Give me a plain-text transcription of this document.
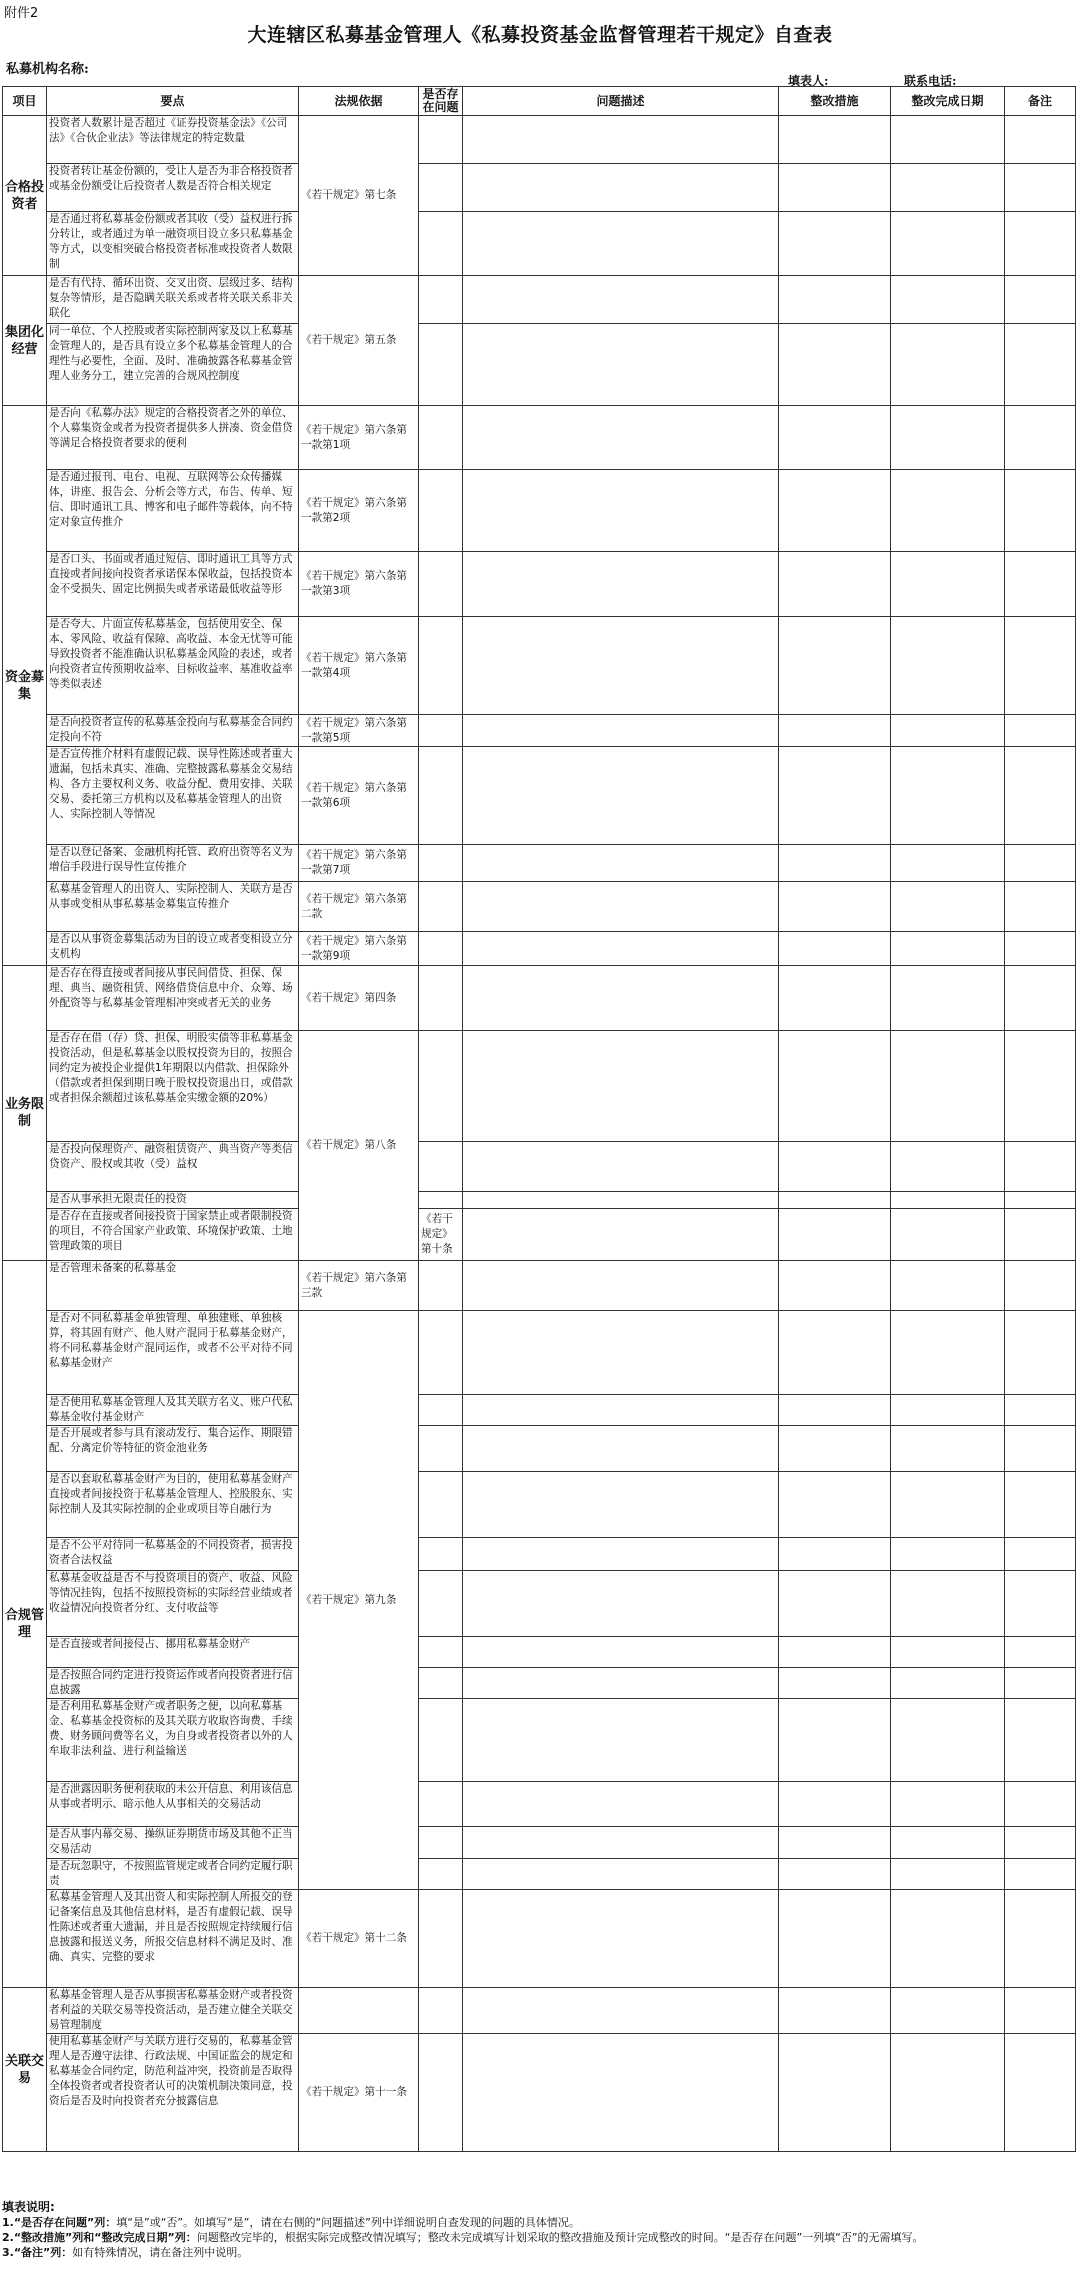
附件2
大连辖区私募基金管理人《私募投资基金监督管理若干规定》自查表
私募机构名称:
填表人:	联系电话:
项目	要点	法规依据	是否存在问题	问题描述	整改措施	整改完成日期	备注	
合格投资者	投资者人数累计是否超过《证券投资基金法》《公司法》《合伙企业法》等法律规定的特定数量	《若干规定》第七条						
	投资者转让基金份额的，受让人是否为非合格投资者或基金份额受让后投资者人数是否符合相关规定							
	是否通过将私募基金份额或者其收（受）益权进行拆分转让，或者通过为单一融资项目设立多只私募基金等方式，以变相突破合格投资者标准或投资者人数限制							
集团化经营	是否有代持、循环出资、交叉出资、层级过多、结构复杂等情形，是否隐瞒关联关系或者将关联关系非关联化	《若干规定》第五条						
	同一单位、个人控股或者实际控制两家及以上私募基金管理人的，是否具有设立多个私募基金管理人的合理性与必要性，全面、及时、准确披露各私募基金管理人业务分工，建立完善的合规风控制度							
资金募集	是否向《私募办法》规定的合格投资者之外的单位、个人募集资金或者为投资者提供多人拼凑、资金借贷等满足合格投资者要求的便利	《若干规定》第六条第一款第1项						
	是否通过报刊、电台、电视、互联网等公众传播媒体，讲座、报告会、分析会等方式，布告、传单、短信、即时通讯工具、博客和电子邮件等载体，向不特定对象宣传推介	《若干规定》第六条第一款第2项						
	是否口头、书面或者通过短信、即时通讯工具等方式直接或者间接向投资者承诺保本保收益，包括投资本金不受损失、固定比例损失或者承诺最低收益等形	《若干规定》第六条第一款第3项						
	是否夸大、片面宣传私募基金，包括使用安全、保本、零风险、收益有保障、高收益、本金无忧等可能导致投资者不能准确认识私募基金风险的表述，或者向投资者宣传预期收益率、目标收益率、基准收益率等类似表述	《若干规定》第六条第一款第4项						
	是否向投资者宣传的私募基金投向与私募基金合同约定投向不符	《若干规定》第六条第一款第5项						
	是否宣传推介材料有虚假记载、误导性陈述或者重大遗漏，包括未真实、准确、完整披露私募基金交易结构、各方主要权利义务、收益分配、费用安排、关联交易、委托第三方机构以及私募基金管理人的出资人、实际控制人等情况	《若干规定》第六条第一款第6项						
	是否以登记备案、金融机构托管、政府出资等名义为增信手段进行误导性宣传推介	《若干规定》第六条第一款第7项						
	私募基金管理人的出资人、实际控制人、关联方是否从事或变相从事私募基金募集宣传推介	《若干规定》第六条第二款						
	是否以从事资金募集活动为目的设立或者变相设立分支机构	《若干规定》第六条第一款第9项						
业务限制	是否存在得直接或者间接从事民间借贷、担保、保理、典当、融资租赁、网络借贷信息中介、众筹、场外配资等与私募基金管理相冲突或者无关的业务	《若干规定》第四条						
	是否存在借（存）贷、担保、明股实债等非私募基金投资活动，但是私募基金以股权投资为目的，按照合同约定为被投企业提供1年期限以内借款、担保除外（借款或者担保到期日晚于股权投资退出日，或借款或者担保余额超过该私募基金实缴金额的20%）	《若干规定》第八条						
	是否投向保理资产、融资租赁资产、典当资产等类信贷资产、股权或其收（受）益权							
	是否从事承担无限责任的投资							
	是否存在直接或者间接投资于国家禁止或者限制投资的项目，不符合国家产业政策、环境保护政策、土地管理政策的项目		《若干规定》第十条					
合规管理	是否管理未备案的私募基金	《若干规定》第六条第三款						
	是否对不同私募基金单独管理、单独建账、单独核算，将其固有财产、他人财产混同于私募基金财产，将不同私募基金财产混同运作，或者不公平对待不同私募基金财产	《若干规定》第九条						
	是否使用私募基金管理人及其关联方名义、账户代私募基金收付基金财产							
	是否开展或者参与具有滚动发行、集合运作、期限错配、分离定价等特征的资金池业务							
	是否以套取私募基金财产为目的，使用私募基金财产直接或者间接投资于私募基金管理人、控股股东、实际控制人及其实际控制的企业或项目等自融行为							
	是否不公平对待同一私募基金的不同投资者，损害投资者合法权益							
	私募基金收益是否不与投资项目的资产、收益、风险等情况挂钩，包括不按照投资标的实际经营业绩或者收益情况向投资者分红、支付收益等							
	是否直接或者间接侵占、挪用私募基金财产							
	是否按照合同约定进行投资运作或者向投资者进行信息披露							
	是否利用私募基金财产或者职务之便，以向私募基金、私募基金投资标的及其关联方收取咨询费、手续费、财务顾问费等名义，为自身或者投资者以外的人牟取非法利益、进行利益输送							
	是否泄露因职务便利获取的未公开信息、利用该信息从事或者明示、暗示他人从事相关的交易活动							
	是否从事内幕交易、操纵证券期货市场及其他不正当交易活动							
	是否玩忽职守，不按照监管规定或者合同约定履行职责							
	私募基金管理人及其出资人和实际控制人所报交的登记备案信息及其他信息材料，是否有虚假记载、误导性陈述或者重大遗漏，并且是否按照规定持续履行信息披露和报送义务，所报交信息材料不满足及时、准确、真实、完整的要求	《若干规定》第十二条						
关联交易	私募基金管理人是否从事损害私募基金财产或者投资者利益的关联交易等投资活动，是否建立健全关联交易管理制度							
	使用私募基金财产与关联方进行交易的，私募基金管理人是否遵守法律、行政法规、中国证监会的规定和私募基金合同约定，防范利益冲突，投资前是否取得全体投资者或者投资者认可的决策机制决策同意，投资后是否及时向投资者充分披露信息	《若干规定》第十一条						
填表说明:
1.“是否存在问题”列：填“是”或“否”。如填写“是”，请在右侧的“问题描述”列中详细说明自查发现的问题的具体情况。
2.“整改措施”列和“整改完成日期”列：问题整改完毕的，根据实际完成整改情况填写；整改未完成填写计划采取的整改措施及预计完成整改的时间。“是否存在问题”一列填“否”的无需填写。
3.“备注”列：如有特殊情况，请在备注列中说明。
